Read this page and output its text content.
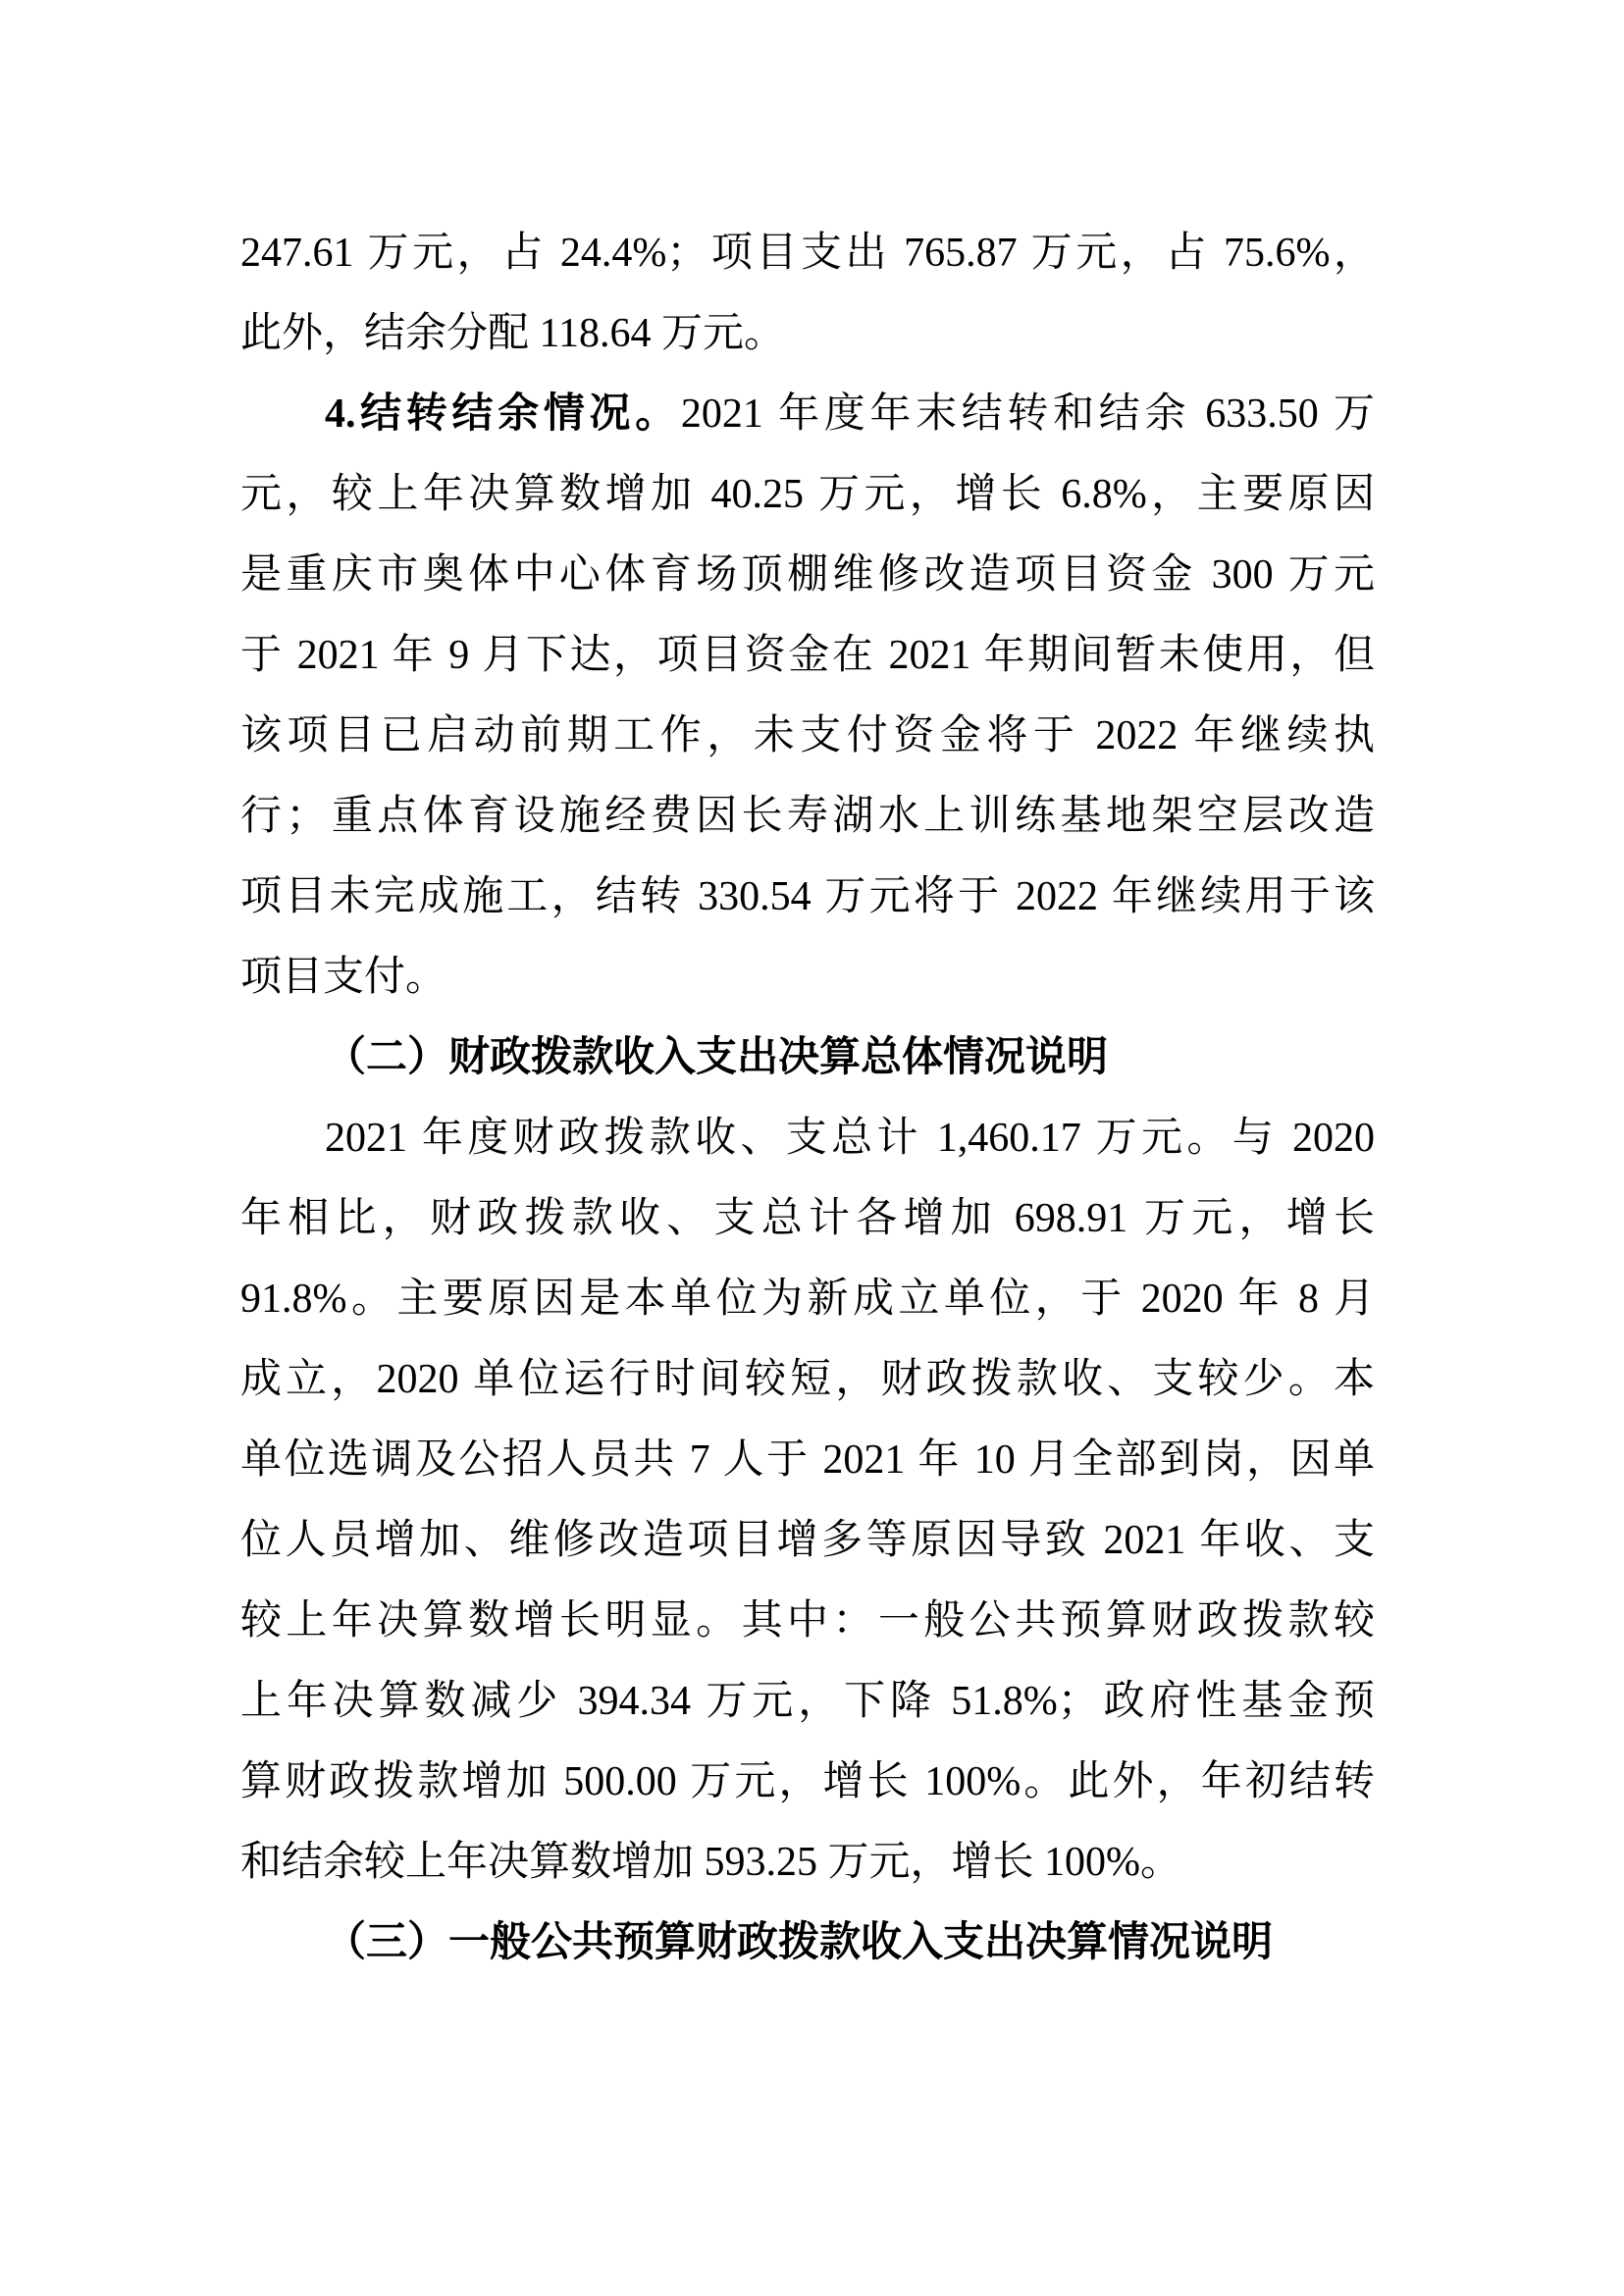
247.61 万元，占 24.4%；项目支出 765.87 万元，占 75.6%，
此外，结余分配 118.64 万元。
4.结转结余情况。2021 年度年末结转和结余 633.50 万
元，较上年决算数增加 40.25 万元，增长 6.8%，主要原因
是重庆市奥体中心体育场顶棚维修改造项目资金 300 万元
于 2021 年 9 月下达，项目资金在 2021 年期间暂未使用，但
该项目已启动前期工作，未支付资金将于 2022 年继续执
行；重点体育设施经费因长寿湖水上训练基地架空层改造
项目未完成施工，结转 330.54 万元将于 2022 年继续用于该
项目支付。
（二）财政拨款收入支出决算总体情况说明
2021 年度财政拨款收、支总计 1,460.17 万元。与 2020
年相比，财政拨款收、支总计各增加 698.91 万元，增长
91.8%。主要原因是本单位为新成立单位，于 2020 年 8 月
成立，2020 单位运行时间较短，财政拨款收、支较少。本
单位选调及公招人员共 7 人于 2021 年 10 月全部到岗，因单
位人员增加、维修改造项目增多等原因导致 2021 年收、支
较上年决算数增长明显。其中：一般公共预算财政拨款较
上年决算数减少 394.34 万元，下降 51.8%；政府性基金预
算财政拨款增加 500.00 万元，增长 100%。此外，年初结转
和结余较上年决算数增加 593.25 万元，增长 100%。
（三）一般公共预算财政拨款收入支出决算情况说明
